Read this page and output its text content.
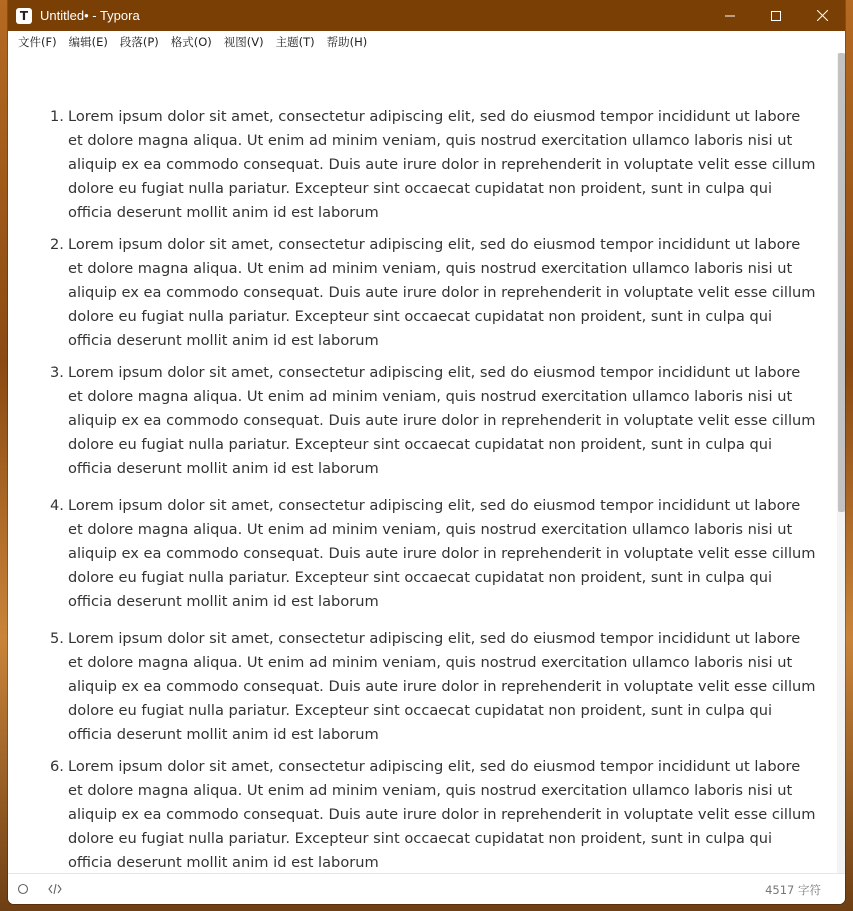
T Untitled• - Typora
文件(F)	编辑(E)	段落(P)	格式(O)	视图(V)	主题(T)	帮助(H)
1. Lorem ipsum dolor sit amet, consectetur adipiscing elit, sed do eiusmod tempor incididunt ut labore et dolore magna aliqua. Ut enim ad minim veniam, quis nostrud exercitation ullamco laboris nisi ut aliquip ex ea commodo consequat. Duis aute irure dolor in reprehenderit in voluptate velit esse cillum dolore eu fugiat nulla pariatur. Excepteur sint occaecat cupidatat non proident, sunt in culpa qui officia deserunt mollit anim id est laborum
2. Lorem ipsum dolor sit amet, consectetur adipiscing elit, sed do eiusmod tempor incididunt ut labore et dolore magna aliqua. Ut enim ad minim veniam, quis nostrud exercitation ullamco laboris nisi ut aliquip ex ea commodo consequat. Duis aute irure dolor in reprehenderit in voluptate velit esse cillum dolore eu fugiat nulla pariatur. Excepteur sint occaecat cupidatat non proident, sunt in culpa qui officia deserunt mollit anim id est laborum
3. Lorem ipsum dolor sit amet, consectetur adipiscing elit, sed do eiusmod tempor incididunt ut labore et dolore magna aliqua. Ut enim ad minim veniam, quis nostrud exercitation ullamco laboris nisi ut aliquip ex ea commodo consequat. Duis aute irure dolor in reprehenderit in voluptate velit esse cillum dolore eu fugiat nulla pariatur. Excepteur sint occaecat cupidatat non proident, sunt in culpa qui officia deserunt mollit anim id est laborum
4. Lorem ipsum dolor sit amet, consectetur adipiscing elit, sed do eiusmod tempor incididunt ut labore et dolore magna aliqua. Ut enim ad minim veniam, quis nostrud exercitation ullamco laboris nisi ut aliquip ex ea commodo consequat. Duis aute irure dolor in reprehenderit in voluptate velit esse cillum dolore eu fugiat nulla pariatur. Excepteur sint occaecat cupidatat non proident, sunt in culpa qui officia deserunt mollit anim id est laborum
5. Lorem ipsum dolor sit amet, consectetur adipiscing elit, sed do eiusmod tempor incididunt ut labore et dolore magna aliqua. Ut enim ad minim veniam, quis nostrud exercitation ullamco laboris nisi ut aliquip ex ea commodo consequat. Duis aute irure dolor in reprehenderit in voluptate velit esse cillum dolore eu fugiat nulla pariatur. Excepteur sint occaecat cupidatat non proident, sunt in culpa qui officia deserunt mollit anim id est laborum
6. Lorem ipsum dolor sit amet, consectetur adipiscing elit, sed do eiusmod tempor incididunt ut labore et dolore magna aliqua. Ut enim ad minim veniam, quis nostrud exercitation ullamco laboris nisi ut aliquip ex ea commodo consequat. Duis aute irure dolor in reprehenderit in voluptate velit esse cillum dolore eu fugiat nulla pariatur. Excepteur sint occaecat cupidatat non proident, sunt in culpa qui officia deserunt mollit anim id est laborum
4517 字符
